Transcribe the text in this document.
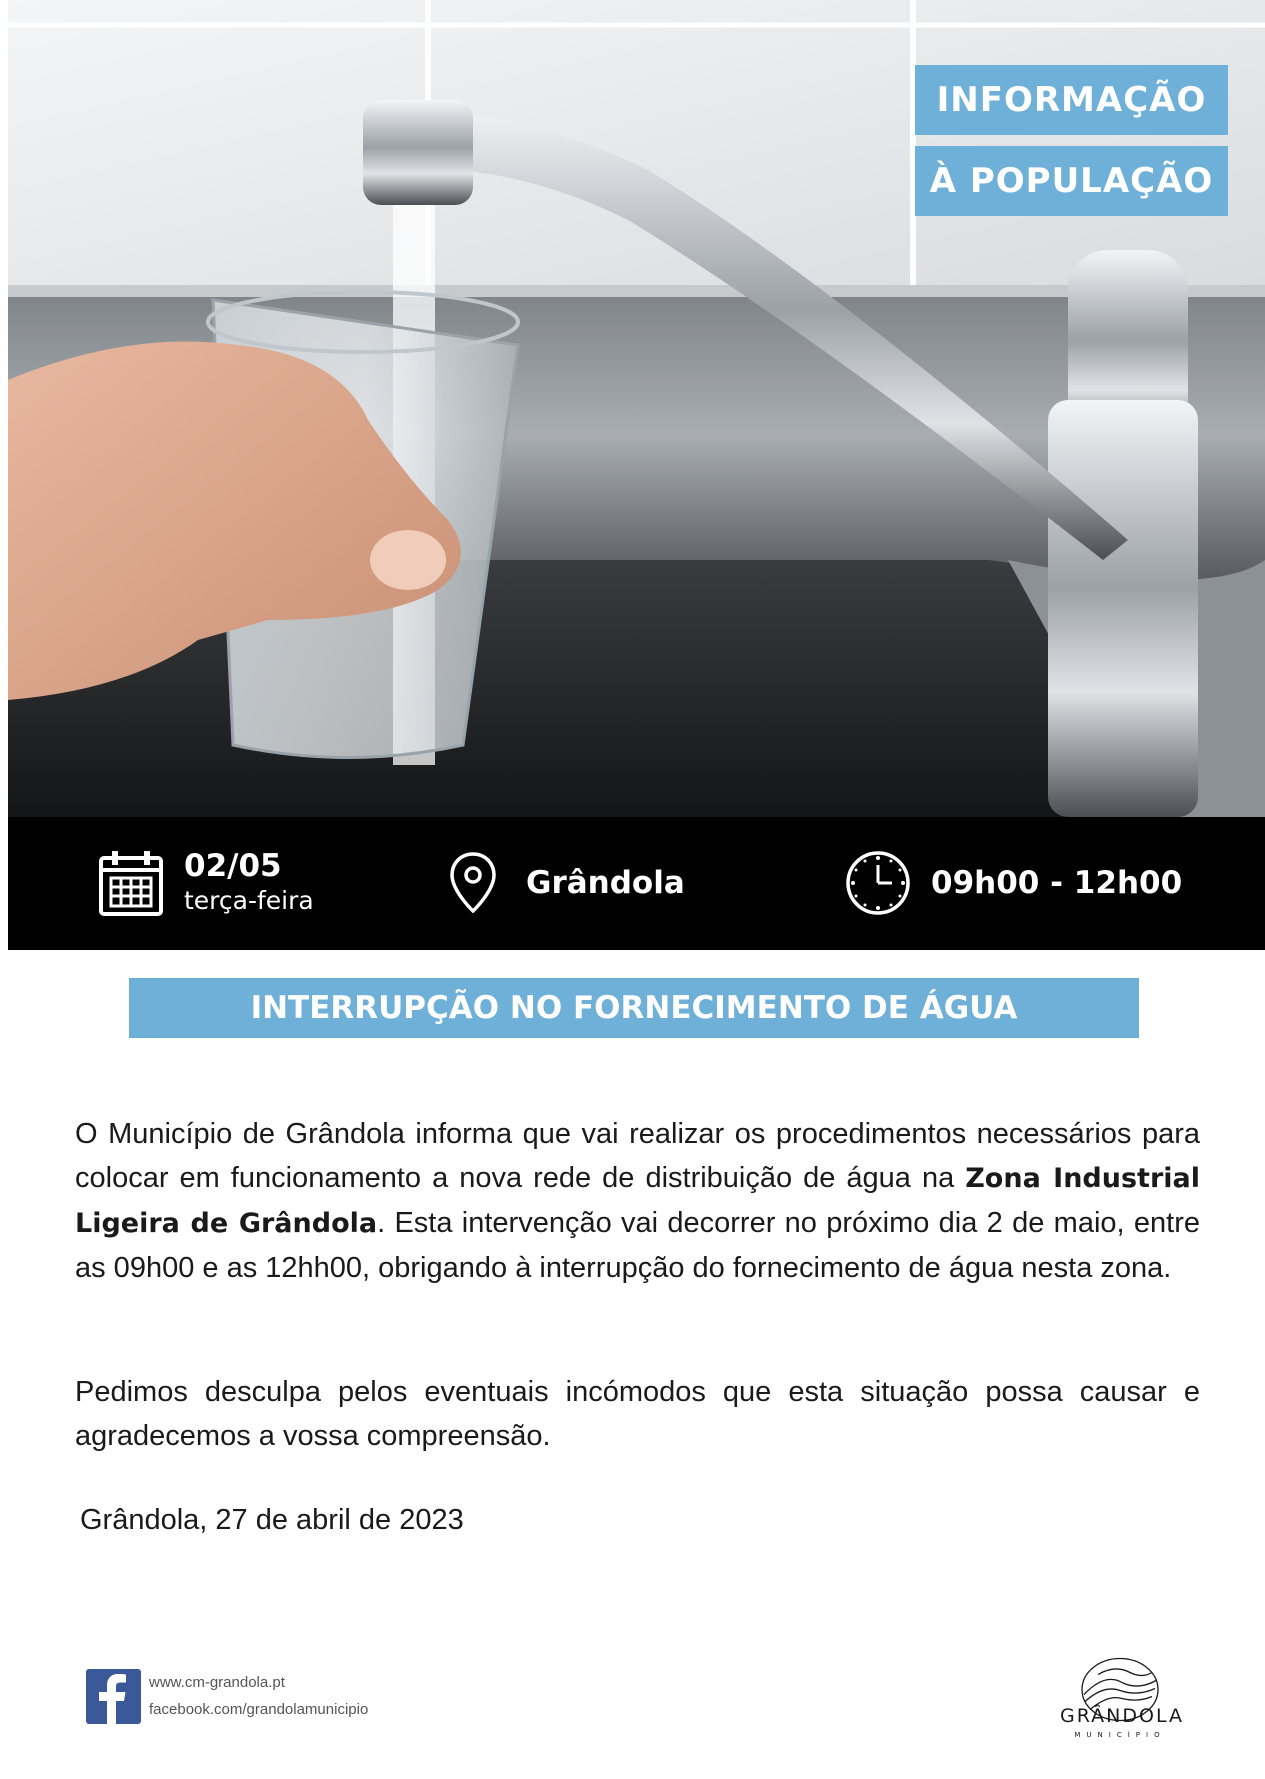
INFORMAÇÃO
À POPULAÇÃO
02/05
terça-feira	Grândola	09h00 - 12h00
INTERRUPÇÃO NO FORNECIMENTO DE ÁGUA

O Município de Grândola informa que vai realizar os procedimentos necessários para colocar em funcionamento a nova rede de distribuição de água na Zona Industrial Ligeira de Grândola. Esta intervenção vai decorrer no próximo dia 2 de maio, entre as 09h00 e as 12hh00, obrigando à interrupção do fornecimento de água nesta zona.

Pedimos desculpa pelos eventuais incómodos que esta situação possa causar e agradecemos a vossa compreensão.

Grândola, 27 de abril de 2023
www.cm-grandola.pt
facebook.com/grandolamunicipio	GRÂNDOLA
MUNICÍPIO
